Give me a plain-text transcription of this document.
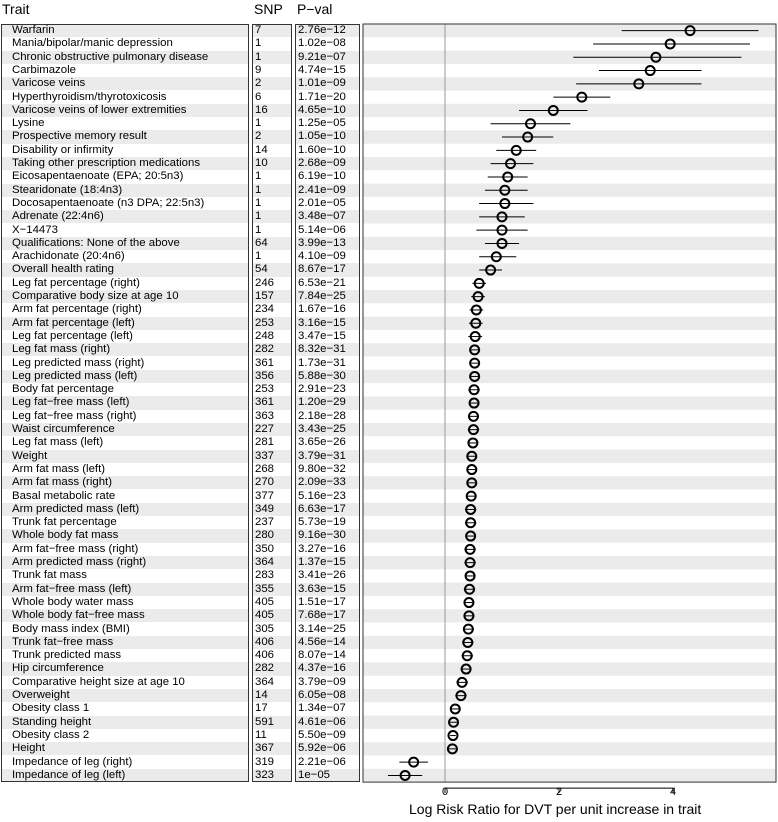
Trait	SNP P−val
Warfarin	7	2.76e−12
Mania/bipolar/manic depression	1	1.02e−08
Chronic obstructive pulmonary disease	1	9.21e−07
Carbimazole	9	4.74e−15
Varicose veins	2	1.01e−09
Hyperthyroidism/thyrotoxicosis	6	1.71e−20
Varicose veins of lower extremities	16	4.65e−10
Lysine	1	1.25e−05
Prospective memory result	2	1.05e−10
Disability or infirmity	14	1.60e−10
Taking other prescription medications	10	2.68e−09
Eicosapentaenoate (EPA; 20:5n3)	1	6.19e−10
Stearidonate (18:4n3)	1	2.41e−09
Docosapentaenoate (n3 DPA; 22:5n3)	1	2.01e−05
Adrenate (22:4n6)	1	3.48e−07
X−14473	1	5.14e−06
Qualifications: None of the above	64	3.99e−13
Arachidonate (20:4n6)	1	4.10e−09
Overall health rating	54	8.67e−17
Leg fat percentage (right)	246	6.53e−21
Comparative body size at age 10	157	7.84e−25
Arm fat percentage (right)	234	1.67e−16
Arm fat percentage (left)	253	3.16e−15
Leg fat percentage (left)	248	3.47e−15
Leg fat mass (right)	282	8.32e−31
Leg predicted mass (right)	361	1.73e−31
Leg predicted mass (left)	356	5.88e−30
Body fat percentage	253	2.91e−23
Leg fat−free mass (left)	361	1.20e−29
Leg fat−free mass (right)	363	2.18e−28
Waist circumference	227	3.43e−25
Leg fat mass (left)	281	3.65e−26
Weight	337	3.79e−31
Arm fat mass (left)	268	9.80e−32
Arm fat mass (right)	270	2.09e−33
Basal metabolic rate	377	5.16e−23
Arm predicted mass (left)	349	6.63e−17
Trunk fat percentage	237	5.73e−19
Whole body fat mass	280	9.16e−30
Arm fat−free mass (right)	350	3.27e−16
Arm predicted mass (right)	364	1.37e−15
Trunk fat mass	283	3.41e−26
Arm fat−free mass (left)	355	3.63e−15
Whole body water mass	405	1.51e−17
Whole body fat−free mass	405	7.68e−17
Body mass index (BMI)	305	3.14e−25
Trunk fat−free mass	406	4.56e−14
Trunk predicted mass	406	8.07e−14
Hip circumference	282	4.37e−16
Comparative height size at age 10	364	3.79e−09
Overweight	14	6.05e−08
Obesity class 1	17	1.34e−07
Standing height	591	4.61e−06
Obesity class 2	11	5.50e−09
Height	367	5.92e−06
Impedance of leg (right)	319	2.21e−06
Impedance of leg (left)	323	1e−05
0	2	4
Log Risk Ratio for DVT per unit increase in trait
